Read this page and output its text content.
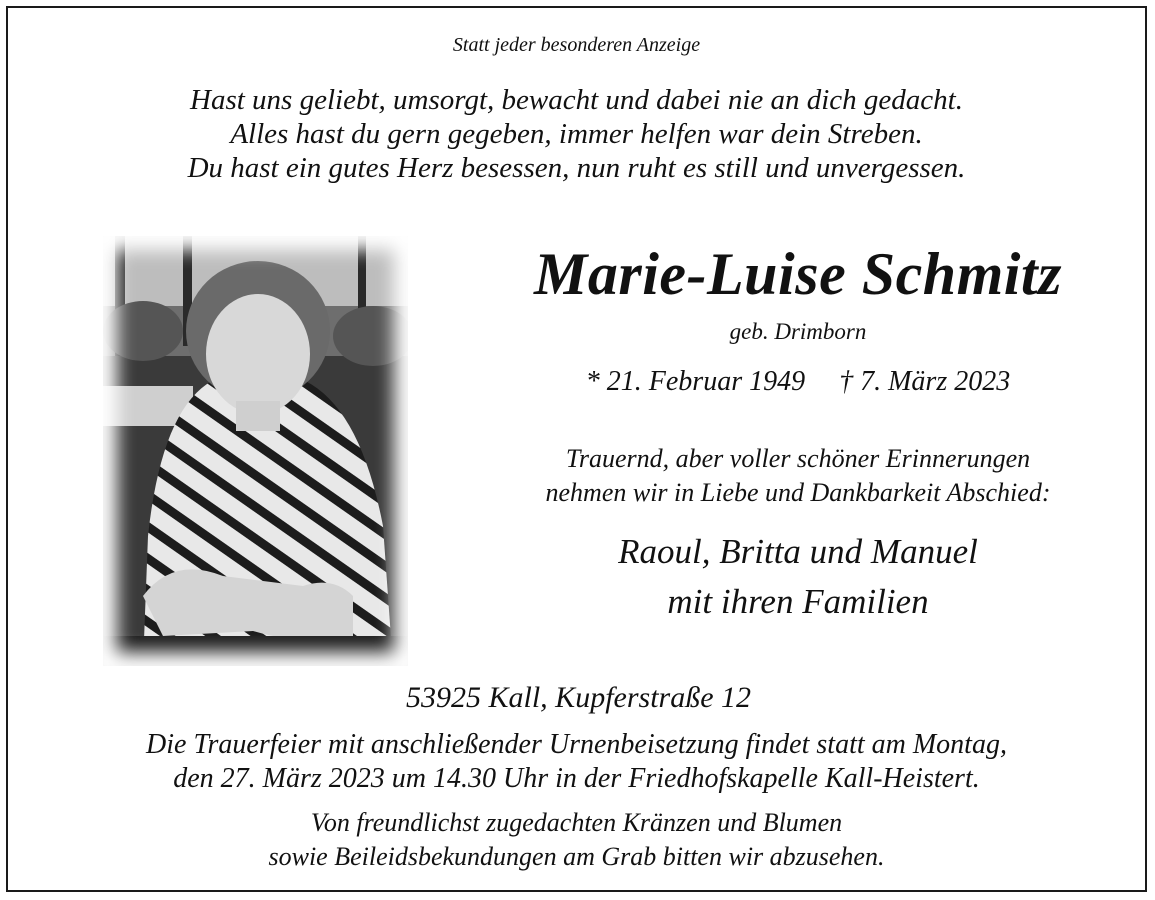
Statt jeder besonderen Anzeige
Hast uns geliebt, umsorgt, bewacht und dabei nie an dich gedacht.
Alles hast du gern gegeben, immer helfen war dein Streben.
Du hast ein gutes Herz besessen, nun ruht es still und unvergessen.
Marie-Luise Schmitz
geb. Drimborn
* 21. Februar 1949 † 7. März 2023
Trauernd, aber voller schöner Erinnerungen
nehmen wir in Liebe und Dankbarkeit Abschied:
Raoul, Britta und Manuel
mit ihren Familien
53925 Kall, Kupferstraße 12
Die Trauerfeier mit anschließender Urnenbeisetzung findet statt am Montag,
den 27. März 2023 um 14.30 Uhr in der Friedhofskapelle Kall-Heistert.
Von freundlichst zugedachten Kränzen und Blumen
sowie Beileidsbekundungen am Grab bitten wir abzusehen.
